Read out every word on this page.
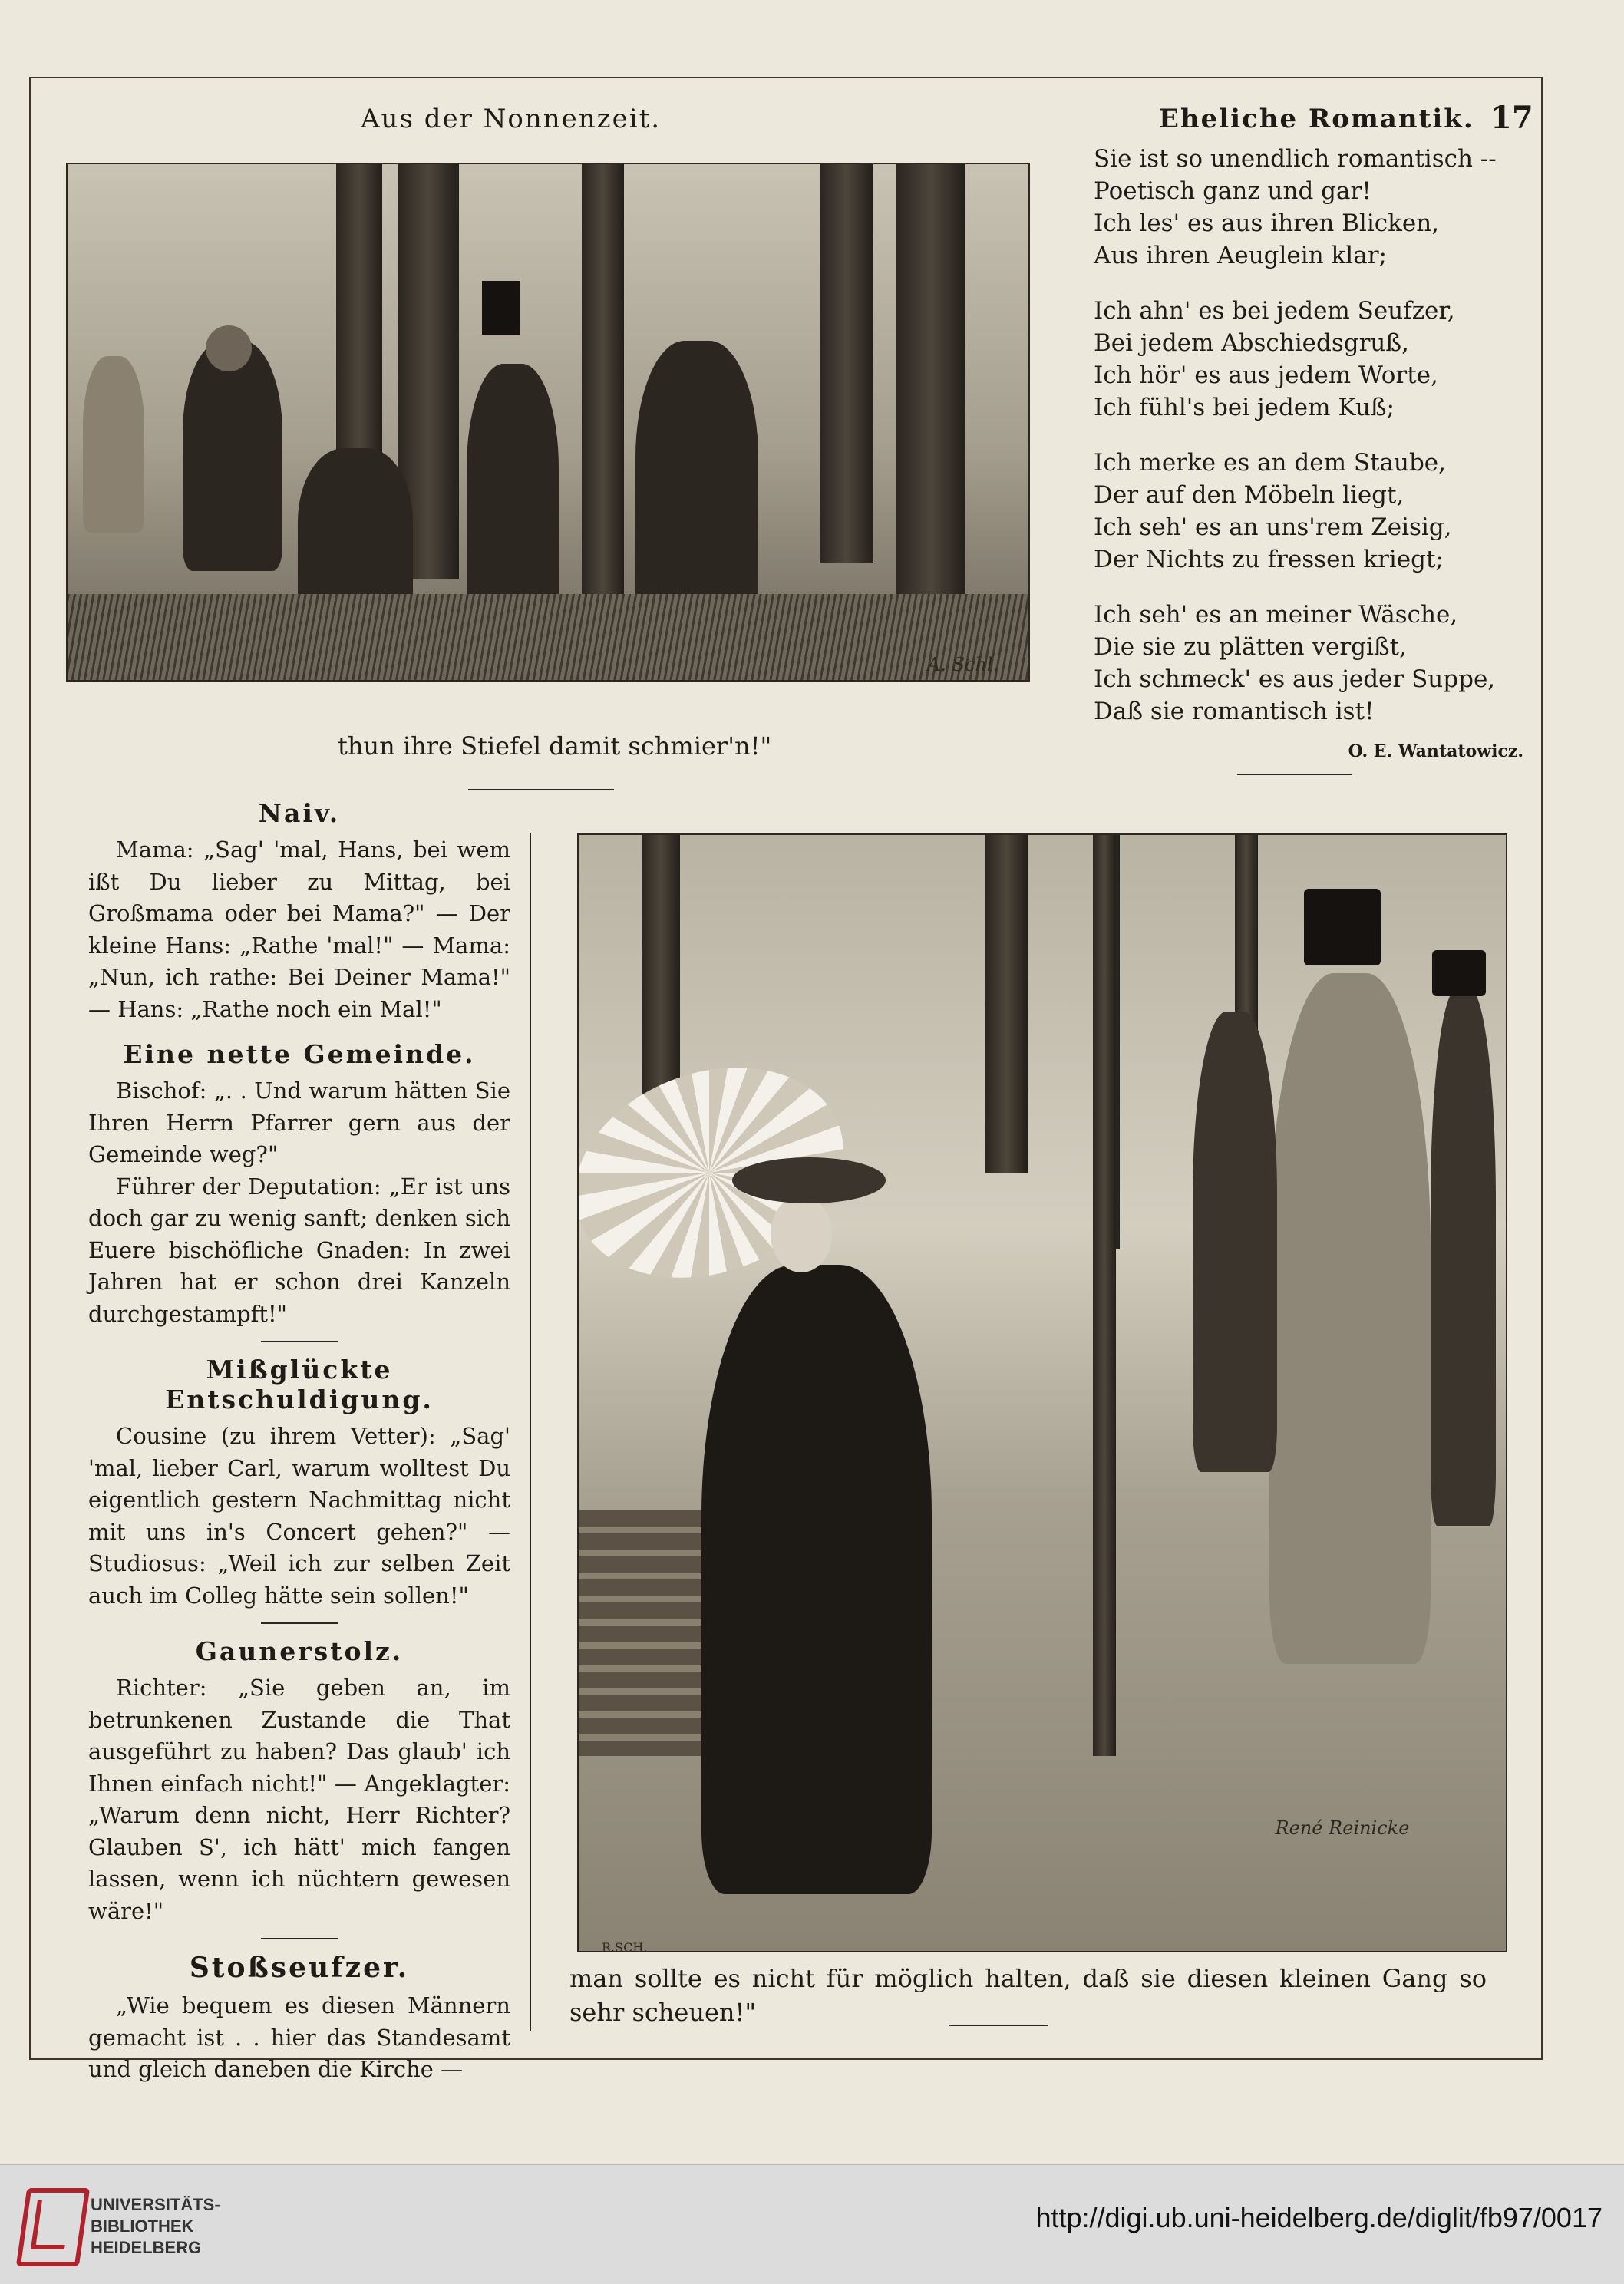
Aus der Nonnenzeit.	Eheliche Romantik. 17
A. Schl.
thun ihre Stiefel damit schmier'n!"
Sie ist so unendlich romantisch --
Poetisch ganz und gar!
Ich les' es aus ihren Blicken,
Aus ihren Aeuglein klar;
Ich ahn' es bei jedem Seufzer,
Bei jedem Abschiedsgruß,
Ich hör' es aus jedem Worte,
Ich fühl's bei jedem Kuß;
Ich merke es an dem Staube,
Der auf den Möbeln liegt,
Ich seh' es an uns'rem Zeisig,
Der Nichts zu fressen kriegt;
Ich seh' es an meiner Wäsche,
Die sie zu plätten vergißt,
Ich schmeck' es aus jeder Suppe,
Daß sie romantisch ist!
O. E. Wantatowicz.
Naiv.

Mama: „Sag' 'mal, Hans, bei wem ißt Du lieber zu Mittag, bei Großmama oder bei Mama?" — Der kleine Hans: „Rathe 'mal!" — Mama: „Nun, ich rathe: Bei Deiner Mama!" — Hans: „Rathe noch ein Mal!"

Eine nette Gemeinde.

Bischof: „. . Und warum hätten Sie Ihren Herrn Pfarrer gern aus der Gemeinde weg?"

Führer der Deputation: „Er ist uns doch gar zu wenig sanft; denken sich Euere bischöfliche Gnaden: In zwei Jahren hat er schon drei Kanzeln durchgestampft!"

Mißglückte Entschuldigung.

Cousine (zu ihrem Vetter): „Sag' 'mal, lieber Carl, warum wolltest Du eigentlich gestern Nachmittag nicht mit uns in's Concert gehen?" — Studiosus: „Weil ich zur selben Zeit auch im Colleg hätte sein sollen!"

Gaunerstolz.

Richter: „Sie geben an, im betrunkenen Zustande die That ausgeführt zu haben? Das glaub' ich Ihnen einfach nicht!" — Angeklagter: „Warum denn nicht, Herr Richter? Glauben S', ich hätt' mich fangen lassen, wenn ich nüchtern gewesen wäre!"

Stoßseufzer.

„Wie bequem es diesen Männern gemacht ist . . hier das Standesamt und gleich daneben die Kirche —

René Reinicke
R.SCH.
man sollte es nicht für möglich halten, daß sie diesen kleinen Gang so sehr scheuen!"
UNIVERSITÄTS-
BIBLIOTHEK
HEIDELBERG
http://digi.ub.uni-heidelberg.de/diglit/fb97/0017
